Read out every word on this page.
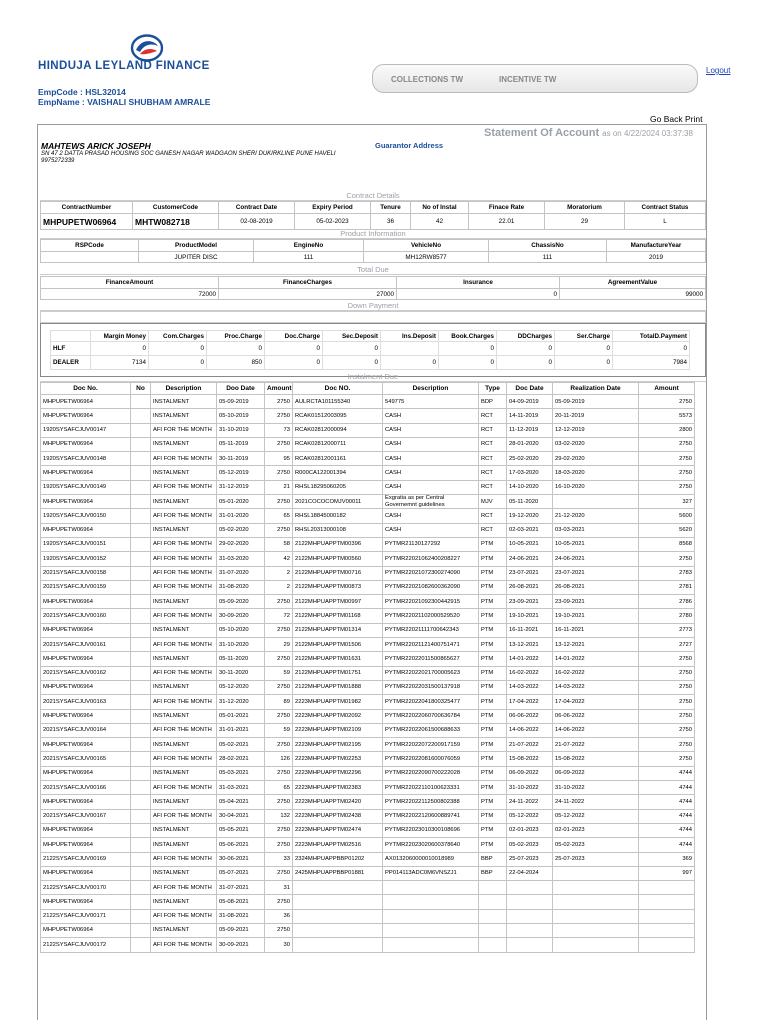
HINDUJA LEYLAND FINANCE
EmpCode : HSL32014
EmpName : VAISHALI SHUBHAM AMRALE
COLLECTIONS TW	INCENTIVE TW
Logout
Go Back Print
Statement Of Account as on 4/22/2024 03:37:38
MAHTEWS ARICK JOSEPH
SN 47 2 DATTA PRASAD HOUSING SOC GANESH NAGAR WADGAON SHERI DUKIRKLINE PUNE HAVELI
9975272339
Guarantor Address
Contract Details
ContractNumber	CustomerCode	Contract Date	Expiry Period	Tenure	No of Instal	Finace Rate	Moratorium	Contract Status
MHPUPETW06964	MHTW082718	02-08-2019	05-02-2023	36	42	22.01	29	L
Product Information
RSPCode	ProductModel	EngineNo	VehicleNo	ChassisNo	ManufactureYear
	JUPITER DISC	111	MH12RW8577	111	2019
Total Due
FinanceAmount	FinanceCharges	Insurance	AgreementValue
72000	27000	0	99000
Down Payment
	Margin Money	Com.Charges	Proc.Charge	Doc.Charge	Sec.Deposit	Ins.Deposit	Book.Charges	DDCharges	Ser.Charge	TotalD.Payment
HLF	0	0	0	0	0		0	0	0	0
DEALER	7134	0	850	0	0	0	0	0	0	7984
Instalment Due
Doc No.	No	Description	Doo Date	Amount	Doc NO.	Description	Type	Doc Date	Realization Date	Amount
MHPUPETW06964		INSTALMENT	05-09-2019	2750	AULRCTA101155340	549775	BDP	04-09-2019	05-09-2019	2750
MHPUPETW06964		INSTALMENT	05-10-2019	2750	RCAK01512003095	CASH	RCT	14-11-2019	20-11-2019	5573
1920SYSAFCJUV00147		AFI FOR THE MONTH	31-10-2019	73	RCAK02812000094	CASH	RCT	11-12-2019	12-12-2019	2800
MHPUPETW06964		INSTALMENT	05-11-2019	2750	RCAK02812000711	CASH	RCT	28-01-2020	03-02-2020	2750
1920SYSAFCJUV00148		AFI FOR THE MONTH	30-11-2019	95	RCAK02812001161	CASH	RCT	25-02-2020	29-02-2020	2750
MHPUPETW06964		INSTALMENT	05-12-2019	2750	R000CA122001394	CASH	RCT	17-03-2020	18-03-2020	2750
1920SYSAFCJUV00149		AFI FOR THE MONTH	31-12-2019	21	RHSL18295060205	CASH	RCT	14-10-2020	16-10-2020	2750
MHPUPETW06964		INSTALMENT	05-01-2020	2750	2021COCOCOMJV00011	Exgratia as per Central Governemnt guidelines	MJV	05-11-2020		327
1920SYSAFCJUV00150		AFI FOR THE MONTH	31-01-2020	65	RHSL18845000182	CASH	RCT	19-12-2020	21-12-2020	5600
MHPUPETW06964		INSTALMENT	05-02-2020	2750	RHSL20313000108	CASH	RCT	02-03-2021	03-03-2021	5620
1920SYSAFCJUV00151		AFI FOR THE MONTH	29-02-2020	58	2122MHPUAPPTM00396	PYTMR21130127292	PTM	10-05-2021	10-05-2021	8568
1920SYSAFCJUV00152		AFI FOR THE MONTH	31-03-2020	42	2122MHPUAPPTM00560	PYTMR22021062400208227	PTM	24-06-2021	24-06-2021	2750
2021SYSAFCJUV00158		AFI FOR THE MONTH	31-07-2020	2	2122MHPUAPPTM00716	PYTMR22021072300274090	PTM	23-07-2021	23-07-2021	2783
2021SYSAFCJUV00159		AFI FOR THE MONTH	31-08-2020	2	2122MHPUAPPTM00873	PYTMR22021082600362090	PTM	26-08-2021	26-08-2021	2781
MHPUPETW06964		INSTALMENT	05-09-2020	2750	2122MHPUAPPTM00997	PYTMR22021092300442915	PTM	23-09-2021	23-09-2021	2786
2021SYSAFCJUV00160		AFI FOR THE MONTH	30-09-2020	72	2122MHPUAPPTM01168	PYTMR22021102000529520	PTM	19-10-2021	19-10-2021	2780
MHPUPETW06964		INSTALMENT	05-10-2020	2750	2122MHPUAPPTM01314	PYTMR22021111700642343	PTM	16-11-2021	16-11-2021	2773
2021SYSAFCJUV00161		AFI FOR THE MONTH	31-10-2020	29	2122MHPUAPPTM01506	PYTMR22021121400751471	PTM	13-12-2021	13-12-2021	2727
MHPUPETW06964		INSTALMENT	05-11-2020	2750	2122MHPUAPPTM01631	PYTMR22022011500865627	PTM	14-01-2022	14-01-2022	2750
2021SYSAFCJUV00162		AFI FOR THE MONTH	30-11-2020	59	2122MHPUAPPTM01751	PYTMR22022021700005623	PTM	16-02-2022	16-02-2022	2750
MHPUPETW06964		INSTALMENT	05-12-2020	2750	2122MHPUAPPTM01888	PYTMR22022031500137918	PTM	14-03-2022	14-03-2022	2750
2021SYSAFCJUV00163		AFI FOR THE MONTH	31-12-2020	89	2223MHPUAPPTM01982	PYTMR22022041800325477	PTM	17-04-2022	17-04-2022	2750
MHPUPETW06964		INSTALMENT	05-01-2021	2750	2223MHPUAPPTM02092	PYTMR22022060700636784	PTM	06-06-2022	06-06-2022	2750
2021SYSAFCJUV00164		AFI FOR THE MONTH	31-01-2021	59	2223MHPUAPPTM02109	PYTMR22022061500688633	PTM	14-06-2022	14-06-2022	2750
MHPUPETW06964		INSTALMENT	05-02-2021	2750	2223MHPUAPPTM02195	PYTMR22022072200917159	PTM	21-07-2022	21-07-2022	2750
2021SYSAFCJUV00165		AFI FOR THE MONTH	28-02-2021	126	2223MHPUAPPTM02253	PYTMR22022081600076059	PTM	15-08-2022	15-08-2022	2750
MHPUPETW06964		INSTALMENT	05-03-2021	2750	2223MHPUAPPTM02296	PYTMR22022090700222028	PTM	06-09-2022	06-09-2022	4744
2021SYSAFCJUV00166		AFI FOR THE MONTH	31-03-2021	65	2223MHPUAPPTM02383	PYTMR22022110100623331	PTM	31-10-2022	31-10-2022	4744
MHPUPETW06964		INSTALMENT	05-04-2021	2750	2223MHPUAPPTM02420	PYTMR22022112500802388	PTM	24-11-2022	24-11-2022	4744
2021SYSAFCJUV00167		AFI FOR THE MONTH	30-04-2021	132	2223MHPUAPPTM02438	PYTMR22022120600889741	PTM	05-12-2022	05-12-2022	4744
MHPUPETW06964		INSTALMENT	05-05-2021	2750	2223MHPUAPPTM02474	PYTMR22023010300108696	PTM	02-01-2023	02-01-2023	4744
MHPUPETW06964		INSTALMENT	05-06-2021	2750	2223MHPUAPPTM02516	PYTMR22023020600378640	PTM	05-02-2023	05-02-2023	4744
2122SYSAFCJUV00169		AFI FOR THE MONTH	30-06-2021	33	2324MHPUAPPBBP01202	AX0132060000010018989	BBP	25-07-2023	25-07-2023	369
MHPUPETW06964		INSTALMENT	05-07-2021	2750	2425MHPUAPPBBP01881	PP014113ADC0M6VNSZJ1	BBP	22-04-2024		997
2122SYSAFCJUV00170		AFI FOR THE MONTH	31-07-2021	31						
MHPUPETW06964		INSTALMENT	05-08-2021	2750						
2122SYSAFCJUV00171		AFI FOR THE MONTH	31-08-2021	36						
MHPUPETW06964		INSTALMENT	05-09-2021	2750						
2122SYSAFCJUV00172		AFI FOR THE MONTH	30-09-2021	30						
